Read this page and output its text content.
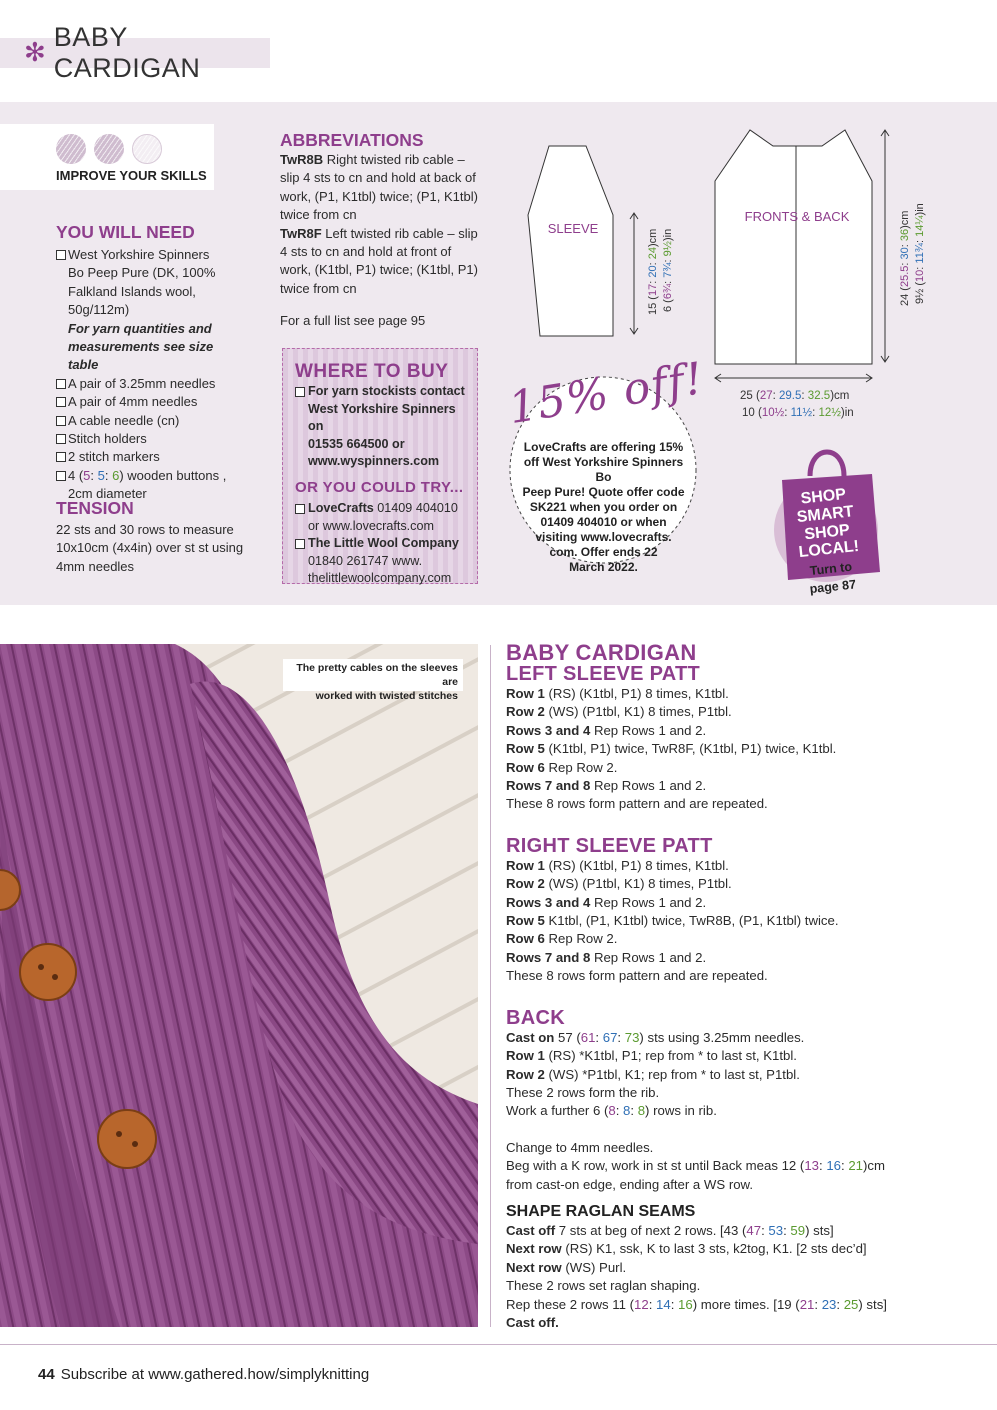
✻
BABY CARDIGAN
IMPROVE YOUR SKILLS
YOU WILL NEED
West Yorkshire Spinners
Bo Peep Pure (DK, 100%
Falkland Islands wool,
50g/112m)
For yarn quantities and
measurements see size table
A pair of 3.25mm needles
A pair of 4mm needles
A cable needle (cn)
Stitch holders
2 stitch markers
4 (5: 5: 6) wooden buttons ,
2cm diameter
TENSION
22 sts and 30 rows to measure
10x10cm (4x4in) over st st using
4mm needles
ABBREVIATIONS
TwR8B Right twisted rib cable –
slip 4 sts to cn and hold at back of
work, (P1, K1tbl) twice; (P1, K1tbl)
twice from cn
TwR8F Left twisted rib cable – slip
4 sts to cn and hold at front of
work, (K1tbl, P1) twice; (K1tbl, P1)
twice from cn
For a full list see page 95
WHERE TO BUY
For yarn stockists contact
West Yorkshire Spinners on
01535 664500 or
www.wyspinners.com
OR YOU COULD TRY...
LoveCrafts 01409 404010
or www.lovecrafts.com
The Little Wool Company
01840 261747 www.
thelittlewoolcompany.com
SLEEVE
15 (17: 20: 24)cm
6 (6¾: 7¾: 9½)in
FRONTS & BACK
24 (25.5: 30: 36)cm
9½ (10: 11¾: 14¼)in
25 (27: 29.5: 32.5)cm
10 (10½: 11½: 12½)in
15% off!
LoveCrafts are offering 15%
off West Yorkshire Spinners Bo
Peep Pure! Quote offer code
SK221 when you order on
01409 404010 or when
visiting www.lovecrafts.
com. Offer ends 22
March 2022.
SHOP SMART
SHOP
LOCAL!
Turn to
page 87
The pretty cables on the sleeves are
worked with twisted stitches
BABY CARDIGAN
LEFT SLEEVE PATT

Row 1 (RS) (K1tbl, P1) 8 times, K1tbl.

Row 2 (WS) (P1tbl, K1) 8 times, P1tbl.

Rows 3 and 4 Rep Rows 1 and 2.

Row 5 (K1tbl, P1) twice, TwR8F, (K1tbl, P1) twice, K1tbl.

Row 6 Rep Row 2.

Rows 7 and 8 Rep Rows 1 and 2.

These 8 rows form pattern and are repeated.

RIGHT SLEEVE PATT

Row 1 (RS) (K1tbl, P1) 8 times, K1tbl.

Row 2 (WS) (P1tbl, K1) 8 times, P1tbl.

Rows 3 and 4 Rep Rows 1 and 2.

Row 5 K1tbl, (P1, K1tbl) twice, TwR8B, (P1, K1tbl) twice.

Row 6 Rep Row 2.

Rows 7 and 8 Rep Rows 1 and 2.

These 8 rows form pattern and are repeated.

BACK

Cast on 57 (61: 67: 73) sts using 3.25mm needles.

Row 1 (RS) *K1tbl, P1; rep from * to last st, K1tbl.

Row 2 (WS) *P1tbl, K1; rep from * to last st, P1tbl.

These 2 rows form the rib.

Work a further 6 (8: 8: 8) rows in rib.

Change to 4mm needles.

Beg with a K row, work in st st until Back meas 12 (13: 16: 21)cm
from cast-on edge, ending after a WS row.

SHAPE RAGLAN SEAMS

Cast off 7 sts at beg of next 2 rows. [43 (47: 53: 59) sts]

Next row (RS) K1, ssk, K to last 3 sts, k2tog, K1. [2 sts dec’d]

Next row (WS) Purl.

These 2 rows set raglan shaping.

Rep these 2 rows 11 (12: 14: 16) more times. [19 (21: 23: 25) sts]

Cast off.

44 Subscribe at www.gathered.how/simplyknitting
